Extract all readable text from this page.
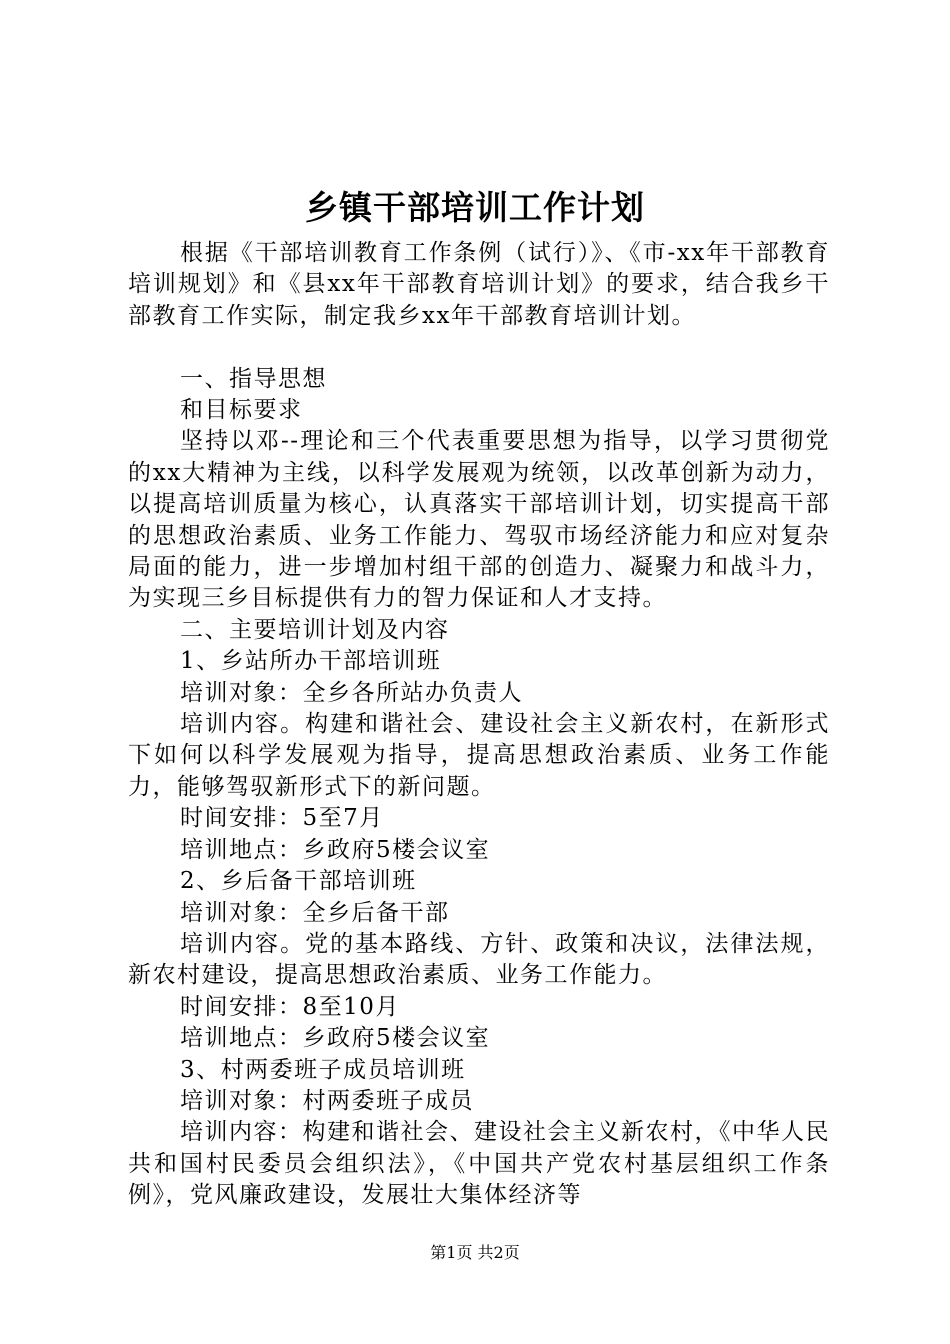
乡镇干部培训工作计划

根据《干部培训教育工作条例（试行）》、《市-xx年干部教育培训规划》和《县xx年干部教育培训计划》的要求，结合我乡干部教育工作实际，制定我乡xx年干部教育培训计划。

一、指导思想

和目标要求

坚持以邓--理论和三个代表重要思想为指导，以学习贯彻党的xx大精神为主线，以科学发展观为统领，以改革创新为动力，以提高培训质量为核心，认真落实干部培训计划，切实提高干部的思想政治素质、业务工作能力、驾驭市场经济能力和应对复杂局面的能力，进一步增加村组干部的创造力、凝聚力和战斗力，为实现三乡目标提供有力的智力保证和人才支持。

二、主要培训计划及内容

1、乡站所办干部培训班

培训对象：全乡各所站办负责人

培训内容。构建和谐社会、建设社会主义新农村，在新形式下如何以科学发展观为指导，提高思想政治素质、业务工作能力，能够驾驭新形式下的新问题。

时间安排：5至7月

培训地点：乡政府5楼会议室

2、乡后备干部培训班

培训对象：全乡后备干部

培训内容。党的基本路线、方针、政策和决议，法律法规，新农村建设，提高思想政治素质、业务工作能力。

时间安排：8至10月

培训地点：乡政府5楼会议室

3、村两委班子成员培训班

培训对象：村两委班子成员

培训内容：构建和谐社会、建设社会主义新农村，《中华人民共和国村民委员会组织法》，《中国共产党农村基层组织工作条例》，党风廉政建设，发展壮大集体经济等

第1页 共2页
